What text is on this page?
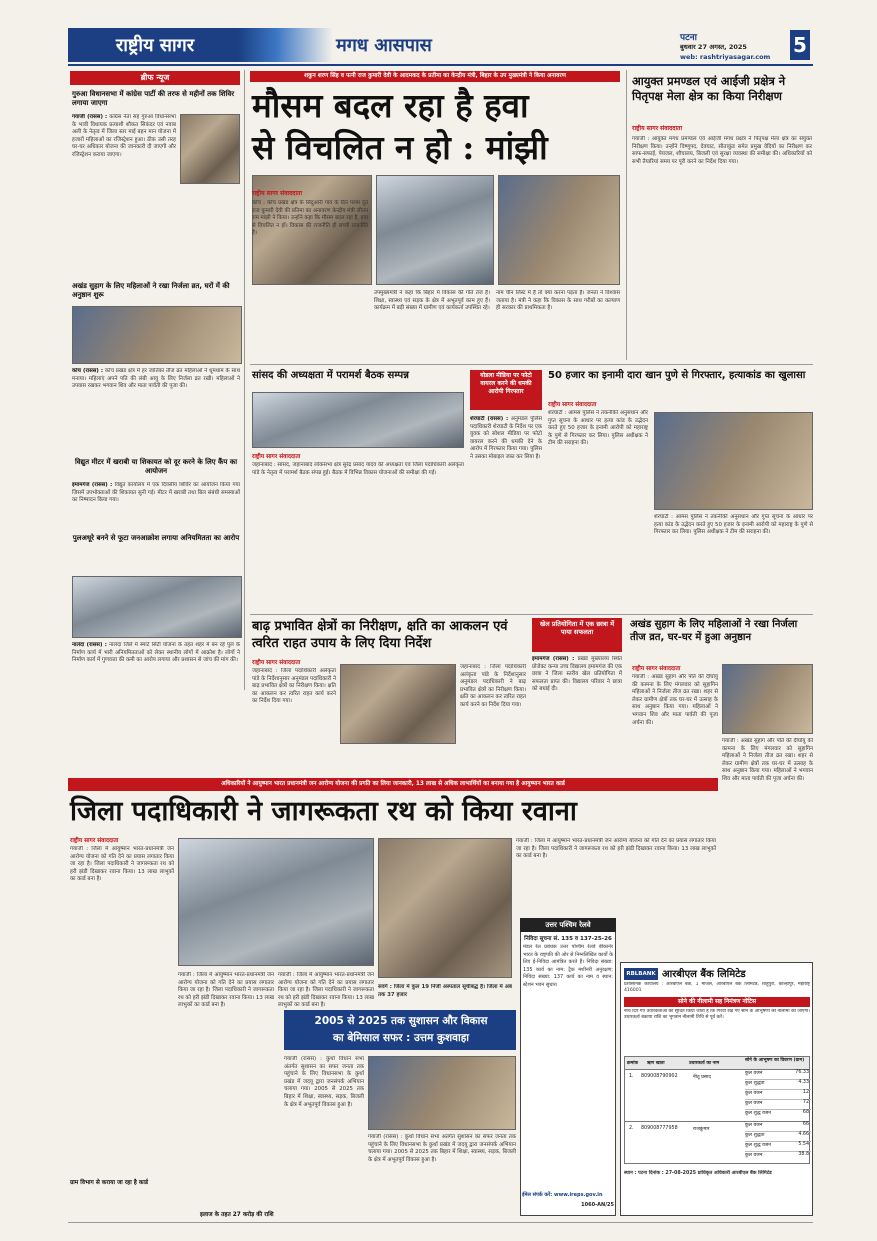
राष्ट्रीय सागर	मगध आसपास	पटना
बुधवार 27 अगस्त, 2025
web: rashtriyasagar.com	5
ब्रीफ न्यूज
गुरुआ विधानसभा में कांग्रेस पार्टी की तरफ से महीनों तक शिविर लगाया जाएगा
गयाजी (रासस) : कांग्रेस नेता सह गुरुआ विधानसभा के भावी विधायक प्रत्याशी शौकत सिकंदर एवं नवाब अली के नेतृत्व में जिला स्तर माई बहन मान योजना में हजारों महिलाओं का रजिस्ट्रेशन हुआ। ठीक उसी तरह घर-घर अधिकार योजना की जानकारी दी जाएगी और रजिस्ट्रेशन कराया जाएगा।
अखंड सुहाग के लिए महिलाओं ने रखा निर्जला व्रत, घरों में की अनुष्ठान शुरू
कोंच (रासस) : कोंच प्रखंड क्षेत्र में हर जातिका तीज व्रत महिलाओं ने धूमधाम के साथ मनाया। महिलाएं अपने पति की लंबी आयु के लिए निर्जला व्रत रखी। महिलाओं ने उपवास रखकर भगवान शिव और माता पार्वती की पूजा की।
विद्युत मीटर में खराबी या शिकायत को दूर करने के लिए कैंप का आयोजन
इमामगंज (रासस) : विद्युत कार्यालय में एक दिवसीय शिविर का आयोजन किया गया जिसमें उपभोक्ताओं की शिकायत सुनी गई। मीटर में खराबी तथा बिल संबंधी समस्याओं का निष्पादन किया गया।
पुलअधूरे बनने से फूटा जनआक्रोश लगाया अनियमितता का आरोप
नालंदा (रासस) : नालंदा जिले में स्मार्ट सिटी योजना के तहत शहर में बन रहे पुल के निर्माण कार्य में भारी अनियमितताओं को लेकर स्थानीय लोगों में आक्रोश है। लोगों ने निर्माण कार्य में गुणवत्ता की कमी का आरोप लगाया और प्रशासन से जांच की मांग की।
शकुन शरण सिंह व पत्नी राज कुमारी देवी के आदमकद के प्रतीमा का केन्द्रीय मंत्री, बिहार के उप मुख्यमंत्री ने किया अनावरण
मौसम बदल रहा है हवा
से विचलित न हो : मांझी
राष्ट्रीय सागर संवाददाता
कोंच : कोंच प्रखंड क्षेत्र के सिंदुआरी गांव के दिन पलम दूत राज कुमारी देवी की प्रतिमा का अनावरण केन्द्रीय मंत्री जीतन राम मांझी ने किया। उन्होंने कहा कि मौसम बदल रहा है, हवा से विचलित न हों। विकास की राजनीति ही सच्ची राजनीति है।
उपमुख्यमंत्री ने कहा कि बिहार में विकास की गति तेज है। शिक्षा, स्वास्थ्य एवं सड़क के क्षेत्र में अभूतपूर्व काम हुए हैं। कार्यक्रम में बड़ी संख्या में ग्रामीण एवं कार्यकर्ता उपस्थित रहे।
नाम चीन लिस्ट में है तो क्या करना पड़ता है। जनता ने विश्वास जताया है। मंत्री ने कहा कि विकास के साथ गरीबों का कल्याण ही सरकार की प्राथमिकता है।
आयुक्त प्रमण्डल एवं आईजी प्रक्षेत्र ने पितृपक्ष मेला क्षेत्र का किया निरीक्षण
राष्ट्रीय सागर संवाददाता
गयाजी : आयुक्त मगध प्रमण्डल एवं आईजी मगध प्रक्षेत्र ने पितृपक्ष मेला क्षेत्र का संयुक्त निरीक्षण किया। उन्होंने विष्णुपद, देवघाट, सीताकुंड समेत प्रमुख वेदियों का निरीक्षण कर साफ-सफाई, पेयजल, शौचालय, बिजली एवं सुरक्षा व्यवस्था की समीक्षा की। अधिकारियों को सभी तैयारियां समय पर पूरी करने का निर्देश दिया गया।
सांसद की अध्यक्षता में परामर्श बैठक सम्पन्न
राष्ट्रीय सागर संवाददाता
जहानाबाद : सांसद, जहानाबाद लोकसभा क्षेत्र सुरेंद्र प्रसाद यादव की अध्यक्षता एवं जिला पदाधिकारी अलंकृता पांडे के नेतृत्व में परामर्श बैठक संपन्न हुई। बैठक में विभिन्न विकास योजनाओं की समीक्षा की गई।
योडला मीडिया पर फोटो वायरल करने की धमकी आरोपी गिरफ्तार
शेरघाटी (रासस) : अनुमंडल पुलिस पदाधिकारी शेरघाटी के निर्देश पर एक युवक को सोशल मीडिया पर फोटो वायरल करने की धमकी देने के आरोप में गिरफ्तार किया गया। पुलिस ने उसका मोबाइल जब्त कर लिया है।
50 हजार का इनामी दारा खान पुणे से गिरफ्तार, हत्याकांड का खुलासा
राष्ट्रीय सागर संवाददाता
शेरघाटी : आमस पुलिस ने तकनीकी अनुसंधान और गुप्त सूचना के आधार पर हत्या कांड के उद्भेदन करते हुए 50 हजार के इनामी आरोपी को महाराष्ट्र के पुणे से गिरफ्तार कर लिया। पुलिस अधीक्षक ने टीम की सराहना की।
शेरघाटी : आमस पुलिस ने तकनीकी अनुसंधान और गुप्त सूचना के आधार पर हत्या कांड के उद्भेदन करते हुए 50 हजार के इनामी आरोपी को महाराष्ट्र के पुणे से गिरफ्तार कर लिया। पुलिस अधीक्षक ने टीम की सराहना की।
बाढ़ प्रभावित क्षेत्रों का निरीक्षण, क्षति का आकलन एवं त्वरित राहत उपाय के लिए दिया निर्देश
राष्ट्रीय सागर संवाददाता
जहानाबाद : जिला पदाधिकारी अलंकृता पांडे के निर्देशानुसार अनुमंडल पदाधिकारी ने बाढ़ प्रभावित क्षेत्रों का निरीक्षण किया। क्षति का आकलन कर त्वरित राहत कार्य करने का निर्देश दिया गया।
जहानाबाद : जिला पदाधिकारी अलंकृता पांडे के निर्देशानुसार अनुमंडल पदाधिकारी ने बाढ़ प्रभावित क्षेत्रों का निरीक्षण किया। क्षति का आकलन कर त्वरित राहत कार्य करने का निर्देश दिया गया।
खेल प्रतियोगिता में एक छात्रा में पाया सफलता
इमामगंज (रासस) : प्रखंड मुख्यालय स्थित प्रोजेक्ट कन्या उच्च विद्यालय इमामगंज की एक छात्रा ने जिला स्तरीय खेल प्रतियोगिता में सफलता प्राप्त की। विद्यालय परिवार ने छात्रा को बधाई दी।
अखंड सुहाग के लिए महिलाओं ने रखा निर्जला तीज व्रत, घर-घर में हुआ अनुष्ठान
राष्ट्रीय सागर संवाददाता
गयाजी : अखंड सुहाग और पति की दीर्घायु की कामना के लिए मंगलवार को सुहागिन महिलाओं ने निर्जला तीज व्रत रखा। शहर से लेकर ग्रामीण क्षेत्रों तक घर-घर में उत्साह के साथ अनुष्ठान किया गया। महिलाओं ने भगवान शिव और माता पार्वती की पूजा अर्चना की।
गयाजी : अखंड सुहाग और पति की दीर्घायु की कामना के लिए मंगलवार को सुहागिन महिलाओं ने निर्जला तीज व्रत रखा। शहर से लेकर ग्रामीण क्षेत्रों तक घर-घर में उत्साह के साथ अनुष्ठान किया गया। महिलाओं ने भगवान शिव और माता पार्वती की पूजा अर्चना की।
अधिकारियों ने आयुष्मान भारत प्रधानमंत्री जन आरोग्य योजना की प्रगति का लिया जानकारी, 13 लाख से अधिक लाभार्थियों का बनाया गया है आयुष्मान भारत कार्ड
जिला पदाधिकारी ने जागरूकता रथ को किया रवाना
राष्ट्रीय सागर संवाददाता
गयाजी : जिला में आयुष्मान भारत-प्रधानमंत्री जन आरोग्य योजना को गति देने का प्रयास लगातार किया जा रहा है। जिला पदाधिकारी ने जागरूकता रथ को हरी झंडी दिखाकर रवाना किया। 13 लाख लाभुकों का कार्ड बना है।
गयाजी : जिला में आयुष्मान भारत-प्रधानमंत्री जन आरोग्य योजना को गति देने का प्रयास लगातार किया जा रहा है। जिला पदाधिकारी ने जागरूकता रथ को हरी झंडी दिखाकर रवाना किया। 13 लाख लाभुकों का कार्ड बना है।
गयाजी : जिला में आयुष्मान भारत-प्रधानमंत्री जन आरोग्य योजना को गति देने का प्रयास लगातार किया जा रहा है। जिला पदाधिकारी ने जागरूकता रथ को हरी झंडी दिखाकर रवाना किया। 13 लाख लाभुकों का कार्ड बना है।
सवर्ग : जिला में कुल 19 निजी अस्पताल सूचीबद्ध हैं। जिला में अब तक 37 हजार
गयाजी : जिला में आयुष्मान भारत-प्रधानमंत्री जन आरोग्य योजना को गति देने का प्रयास लगातार किया जा रहा है। जिला पदाधिकारी ने जागरूकता रथ को हरी झंडी दिखाकर रवाना किया। 13 लाख लाभुकों का कार्ड बना है।
ग्राम विभाग से कराया जा रहा है कार्ड
इलाज के तहत 27 करोड़ की राशि
2005 से 2025 तक सुशासन और विकास
का बेमिसाल सफर : उत्तम कुशवाहा
गयाजी (रासस) : कुर्था विधान सभा अंतर्गत सुशासन का सफर जनता तक पहुंचाने के लिए विधानसभा के कुर्था प्रखंड में जदयू द्वारा जनसंपर्क अभियान चलाया गया। 2005 से 2025 तक बिहार में शिक्षा, स्वास्थ्य, सड़क, बिजली के क्षेत्र में अभूतपूर्व विकास हुआ है।
गयाजी (रासस) : कुर्था विधान सभा अंतर्गत सुशासन का सफर जनता तक पहुंचाने के लिए विधानसभा के कुर्था प्रखंड में जदयू द्वारा जनसंपर्क अभियान चलाया गया। 2005 से 2025 तक बिहार में शिक्षा, स्वास्थ्य, सड़क, बिजली के क्षेत्र में अभूतपूर्व विकास हुआ है।
उत्तर पश्चिम रेलवे
निविदा सूचना सं. 135 व 137-25-26
मंडल रेल प्रबंधक उत्तर पश्चिम रेलवे बीकानेर भारत के राष्ट्रपति की ओर से निम्नलिखित कार्यों के लिए ई-निविदा आमंत्रित करते हैं। निविदा संख्या: 135 कार्य का नाम: ट्रैक मशीनरी अनुरक्षण; निविदा संख्या: 137 कार्य का नाम व स्थान: स्टेशन भवन सुधार।
ईमेल संपर्क करें: www.ireps.gov.in
1060-AN/25
RBLBANK आरबीएल बैंक लिमिटेड
प्रशासनिक कार्यालय : आरबीएल बैंक, 1 मंजिल, आरबीएल बैंक लिमिटेड, शाहूपुरी, कोल्हापुर, महाराष्ट्र 416001
सोने की नीलामी सह निमंत्रण नोटिस
नीचे दिए गए उधारकर्ताओं को सूचित किया जाता है कि गिरवी रखे गए सोने के आभूषणों की नीलामी की जाएगी। उधारकर्ता बकाया राशि का भुगतान नीलामी तिथि से पूर्व करें।
क्रमांक	ऋण खाता	उधारकर्ता का नाम
सोने के आभूषण का विवरण (ग्राम)
1. 809008790902	नीतू प्रसाद
कुल वजन	76.33
कुल शुद्धता	4.33
कुल वजन	12
कुल वजन	72
कुल शुद्ध वजन	68
2. 809008777958	राजकुमार
कुल वजन	66
कुल शुद्धता	4.66
कुल शुद्ध वजन	5.54
कुल वजन	38.8
स्थान : पटना दिनांक : 27-08-2025 प्राधिकृत अधिकारी आरबीएल बैंक लिमिटेड
